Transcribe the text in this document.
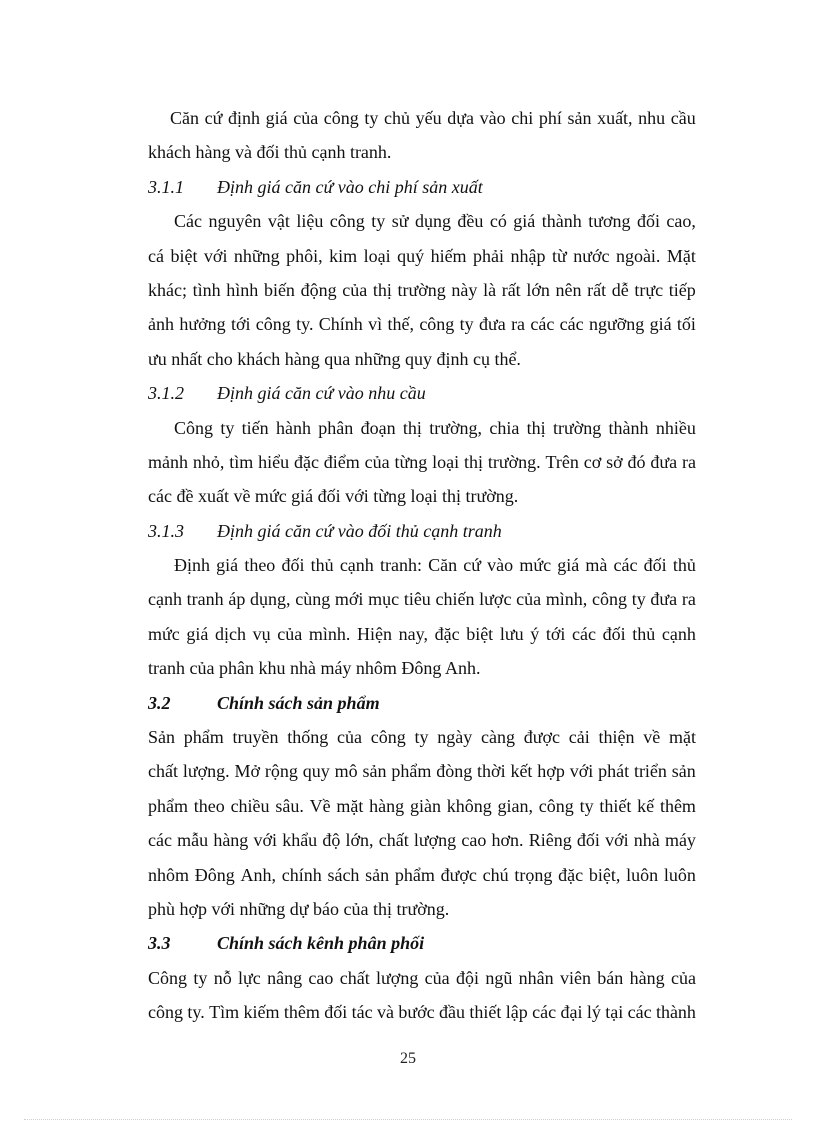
Căn cứ định giá của công ty chủ yếu dựa vào chi phí sản xuất, nhu cầu
khách hàng và đối thủ cạnh tranh.
3.1.1 Định giá căn cứ vào chi phí sản xuất
Các nguyên vật liệu công ty sử dụng đều có giá thành tương đối cao,
cá biệt với những phôi, kim loại quý hiếm phải nhập từ nước ngoài. Mặt
khác; tình hình biến động của thị trường này là rất lớn nên rất dễ trực tiếp
ảnh hưởng tới công ty. Chính vì thế, công ty đưa ra các các ngưỡng giá tối
ưu nhất cho khách hàng qua những quy định cụ thể.
3.1.2 Định giá căn cứ vào nhu cầu
Công ty tiến hành phân đoạn thị trường, chia thị trường thành nhiều
mảnh nhỏ, tìm hiểu đặc điểm của từng loại thị trường. Trên cơ sở đó đưa ra
các đề xuất về mức giá đối với từng loại thị trường.
3.1.3 Định giá căn cứ vào đối thủ cạnh tranh
Định giá theo đối thủ cạnh tranh: Căn cứ vào mức giá mà các đối thủ
cạnh tranh áp dụng, cùng mới mục tiêu chiến lược của mình, công ty đưa ra
mức giá dịch vụ của mình. Hiện nay, đặc biệt lưu ý tới các đối thủ cạnh
tranh của phân khu nhà máy nhôm Đông Anh.
3.2	Chính sách sản phẩm
Sản phẩm truyền thống của công ty ngày càng được cải thiện về mặt
chất lượng. Mở rộng quy mô sản phẩm đòng thời kết hợp với phát triển sản
phẩm theo chiều sâu. Về mặt hàng giàn không gian, công ty thiết kế thêm
các mẫu hàng với khẩu độ lớn, chất lượng cao hơn. Riêng đối với nhà máy
nhôm Đông Anh, chính sách sản phẩm được chú trọng đặc biệt, luôn luôn
phù hợp với những dự báo của thị trường.
3.3	Chính sách kênh phân phối
Công ty nỗ lực nâng cao chất lượng của đội ngũ nhân viên bán hàng của
công ty. Tìm kiếm thêm đối tác và bước đầu thiết lập các đại lý tại các thành
25
